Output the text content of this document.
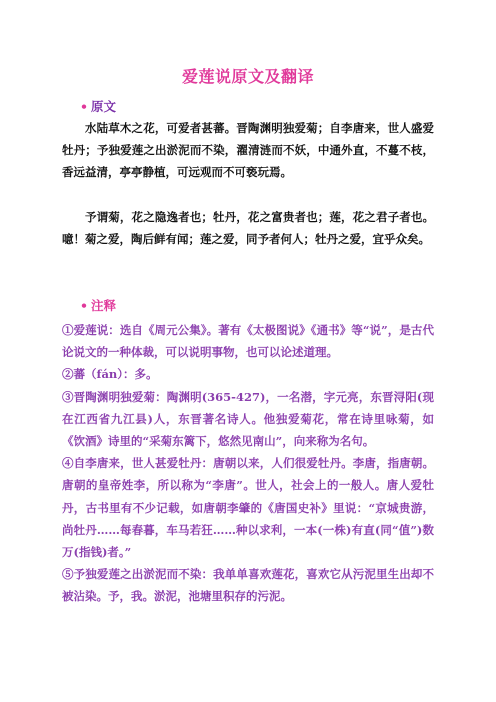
爱莲说原文及翻译
• 原文
水陆草木之花，可爱者甚蕃。晋陶渊明独爱菊；自李唐来，世人盛爱牡丹；予独爱莲之出淤泥而不染，濯清涟而不妖，中通外直，不蔓不枝，香远益清，亭亭静植，可远观而不可亵玩焉。
予谓菊，花之隐逸者也；牡丹，花之富贵者也；莲，花之君子者也。噫！菊之爱，陶后鲜有闻；莲之爱，同予者何人；牡丹之爱，宜乎众矣。
• 注释

①爱莲说：选自《周元公集》。著有《太极图说》《通书》等“说”，是古代论说文的一种体裁，可以说明事物，也可以论述道理。

②蕃（fán）：多。

③晋陶渊明独爱菊：陶渊明(365-427)，一名潜，字元亮，东晋浔阳(现在江西省九江县)人，东晋著名诗人。他独爱菊花，常在诗里咏菊，如《饮酒》诗里的“采菊东篱下，悠然见南山”，向来称为名句。

④自李唐来，世人甚爱牡丹：唐朝以来，人们很爱牡丹。李唐，指唐朝。唐朝的皇帝姓李，所以称为“李唐”。世人，社会上的一般人。唐人爱牡丹，古书里有不少记载，如唐朝李肇的《唐国史补》里说：“京城贵游，尚牡丹……每春暮，车马若狂……种以求利，一本(一株)有直(同“值”)数万(指钱)者。”

⑤予独爱莲之出淤泥而不染：我单单喜欢莲花，喜欢它从污泥里生出却不被沾染。予，我。淤泥，池塘里积存的污泥。
